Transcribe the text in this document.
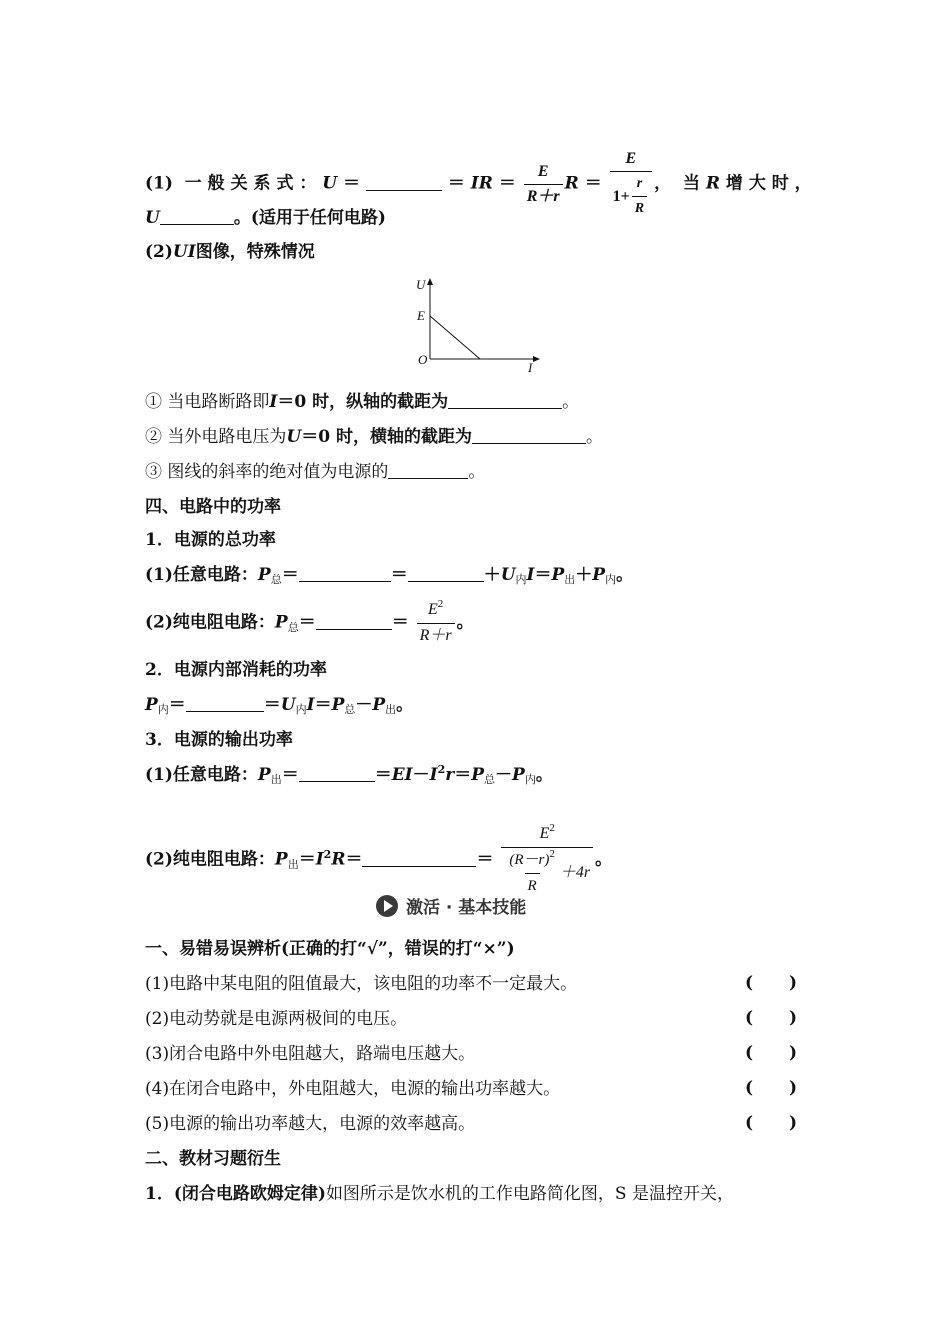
(1) 一 般 关 系 式 ： U ＝	＝ IR ＝ $\frac{E}{R+r}$ $R = \frac{E}{1+ \frac{r}{R}}$ ， 当 R 增 大 时 ，
U	。(适用于任何电路)
(2)UI图像，特殊情况
U
I
E
O
① 当电路断路即I＝0 时，纵轴的截距为	。
② 当外电路电压为U＝0 时，横轴的截距为	。
③ 图线的斜率的绝对值为电源的	。
四、电路中的功率
1．电源的总功率
(1)任意电路：P总＝	＝	＋U内I＝P出＋P内。
(2)纯电阻电路：P总＝	＝ $\frac{E^2}{R+r}$ 。
2．电源内部消耗的功率
P内＝	＝U内I＝P总－P出。
3．电源的输出功率
(1)任意电路：P出＝	$=EI-I^2r=P$总－P内。
(2)纯电阻电路：P出$=I^2R=$	＝ $\frac{E^2}{\frac{(R-r)^2}{R} +4r}$ 。
激活 · 基本技能
一、易错易误辨析(正确的打“√”，错误的打“×”)
(1)电路中某电阻的阻值最大，该电阻的功率不一定最大。	( )
(2)电动势就是电源两极间的电压。	( )
(3)闭合电路中外电阻越大，路端电压越大。	( )
(4)在闭合电路中，外电阻越大，电源的输出功率越大。	( )
(5)电源的输出功率越大，电源的效率越高。	( )
二、教材习题衍生
1．(闭合电路欧姆定律)如图所示是饮水机的工作电路简化图，S 是温控开关，
